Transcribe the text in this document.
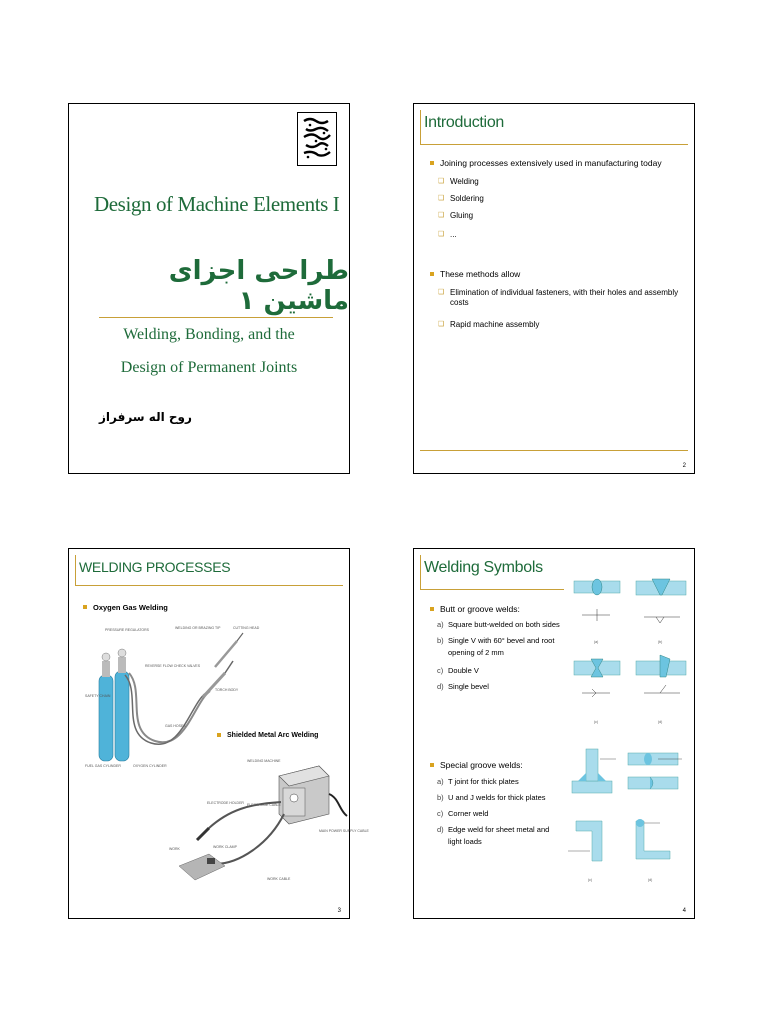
Design of Machine Elements I
طراحی اجزای ماشین ۱
Welding, Bonding, and the
Design of Permanent Joints
روح اله سرفراز
Introduction
Joining processes extensively used in manufacturing today
❑ Welding
❑ Soldering
❑ Gluing
❑ ...
These methods allow
❑ Elimination of individual fasteners, with their holes and assembly
costs
❑ Rapid machine assembly
2
WELDING PROCESSES
Oxygen Gas Welding
PRESSURE REGULATORS	WELDING OR BRAZING TIP	CUTTING HEAD
REVERSE FLOW CHECK VALVES
TORCH BODY
SAFETY CHAIN
GAS HOSES
FUEL GAS CYLINDER	OXYGEN CYLINDER
Shielded Metal Arc Welding
WELDING MACHINE
ELECTRODE HOLDER ELECTRODE CABLE
MAIN POWER SUPPLY CABLE
WORK	WORK CLAMP
WORK CABLE
3
Welding Symbols
Butt or groove welds:
a) Square butt-welded on both sides
b) Single V with 60° bevel and root
opening of 2 mm
c) Double V
d) Single bevel
(a)	(b)
(c)	(d)
Special groove welds:
a) T joint for thick plates
b) U and J welds for thick plates
c) Corner weld
d) Edge weld for sheet metal and
light loads
(c)	(d)
4
